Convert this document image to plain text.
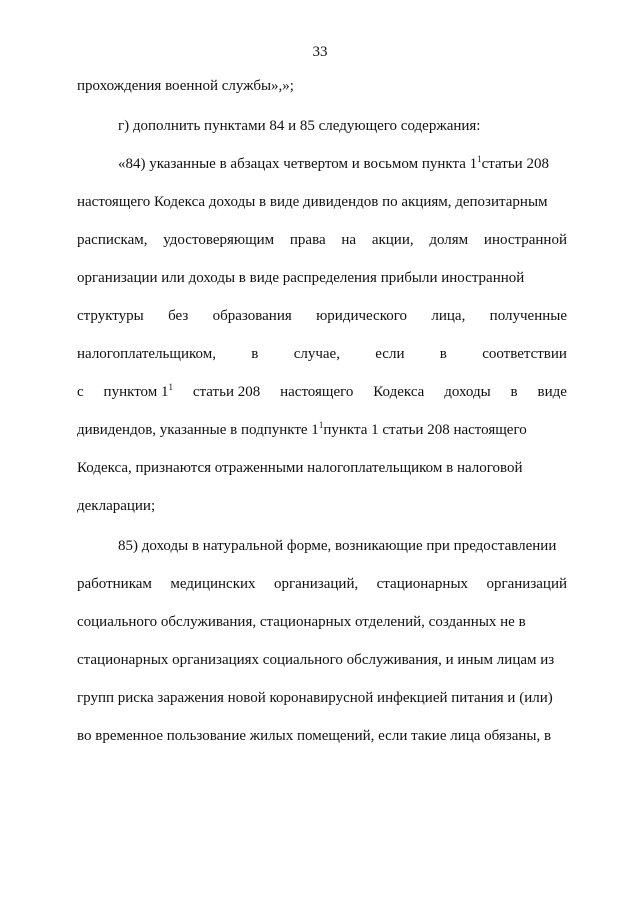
33
прохождения военной службы»,»;
г) дополнить пунктами 84 и 85 следующего содержания:
«84) указанные в абзацах четвертом и восьмом пункта $1^1статьи$ 208
настоящего Кодекса доходы в виде дивидендов по акциям, депозитарным
распискам, удостоверяющим права на акции, долям иностранной
организации или доходы в виде распределения прибыли иностранной
структуры без образования юридического лица, полученные
налогоплательщиком, в случае, если в соответствии
с пунктом $1^1$ статьи 208 настоящего Кодекса доходы в виде
дивидендов, указанные в подпункте $1^1пункта$ 1 статьи 208 настоящего
Кодекса, признаются отраженными налогоплательщиком в налоговой
декларации;
85) доходы в натуральной форме, возникающие при предоставлении
работникам медицинских организаций, стационарных организаций
социального обслуживания, стационарных отделений, созданных не в
стационарных организациях социального обслуживания, и иным лицам из
групп риска заражения новой коронавирусной инфекцией питания и (или)
во временное пользование жилых помещений, если такие лица обязаны, в
